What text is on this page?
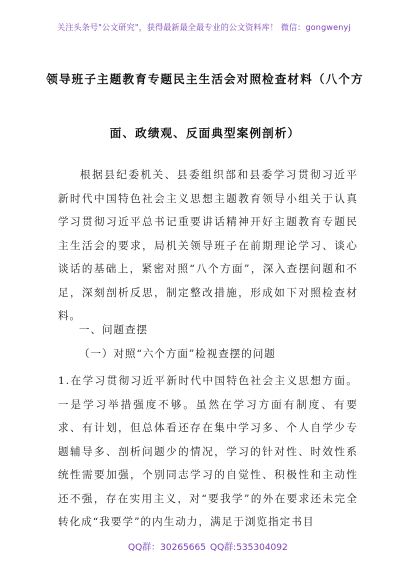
关注头条号"公文研究"，获得最新最全最专业的公文资料库！ 微信：gongwenyj
领导班子主题教育专题民主生活会对照检查材料（八个方
面、政绩观、反面典型案例剖析）
根据县纪委机关、县委组织部和县委学习贯彻习近平新时代中国特色社会主义思想主题教育领导小组关于认真学习贯彻习近平总书记重要讲话精神开好主题教育专题民主生活会的要求，局机关领导班子在前期理论学习、谈心谈话的基础上，紧密对照“八个方面”，深入查摆问题和不足，深刻剖析反思，制定整改措施，形成如下对照检查材料。
一、问题查摆
（一）对照“六个方面”检视查摆的问题
1.在学习贯彻习近平新时代中国特色社会主义思想方面。一是学习举措强度不够。虽然在学习方面有制度、有要求、有计划，但总体看还存在集中学习多、个人自学少专题辅导多、剖析问题少的情况，学习的针对性、时效性系统性需要加强，个别同志学习的自觉性、积极性和主动性还不强，存在实用主义，对“要我学”的外在要求还未完全转化成“我要学”的内生动力，满足于浏览指定书目
QQ群：30265665 QQ群:535304092
